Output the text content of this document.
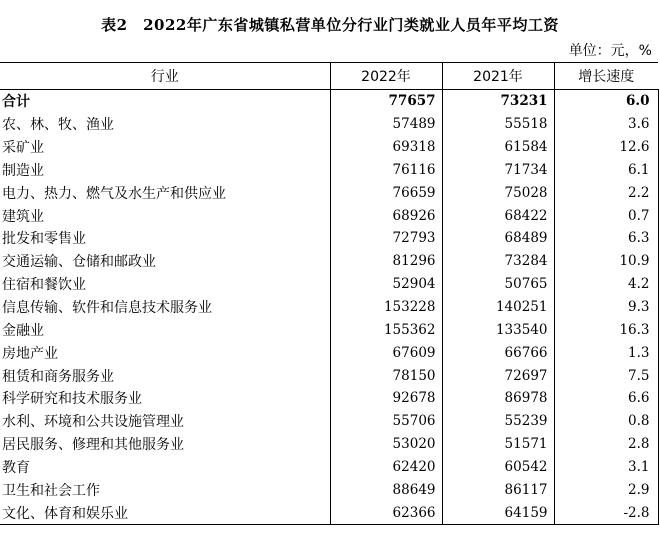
表2　2022年广东省城镇私营单位分行业门类就业人员年平均工资
单位：元，%
行业	2022年	2021年	增长速度
合计	77657	73231	6.0
农、林、牧、渔业	57489	55518	3.6
采矿业	69318	61584	12.6
制造业	76116	71734	6.1
电力、热力、燃气及水生产和供应业	76659	75028	2.2
建筑业	68926	68422	0.7
批发和零售业	72793	68489	6.3
交通运输、仓储和邮政业	81296	73284	10.9
住宿和餐饮业	52904	50765	4.2
信息传输、软件和信息技术服务业	153228	140251	9.3
金融业	155362	133540	16.3
房地产业	67609	66766	1.3
租赁和商务服务业	78150	72697	7.5
科学研究和技术服务业	92678	86978	6.6
水利、环境和公共设施管理业	55706	55239	0.8
居民服务、修理和其他服务业	53020	51571	2.8
教育	62420	60542	3.1
卫生和社会工作	88649	86117	2.9
文化、体育和娱乐业	62366	64159	-2.8
